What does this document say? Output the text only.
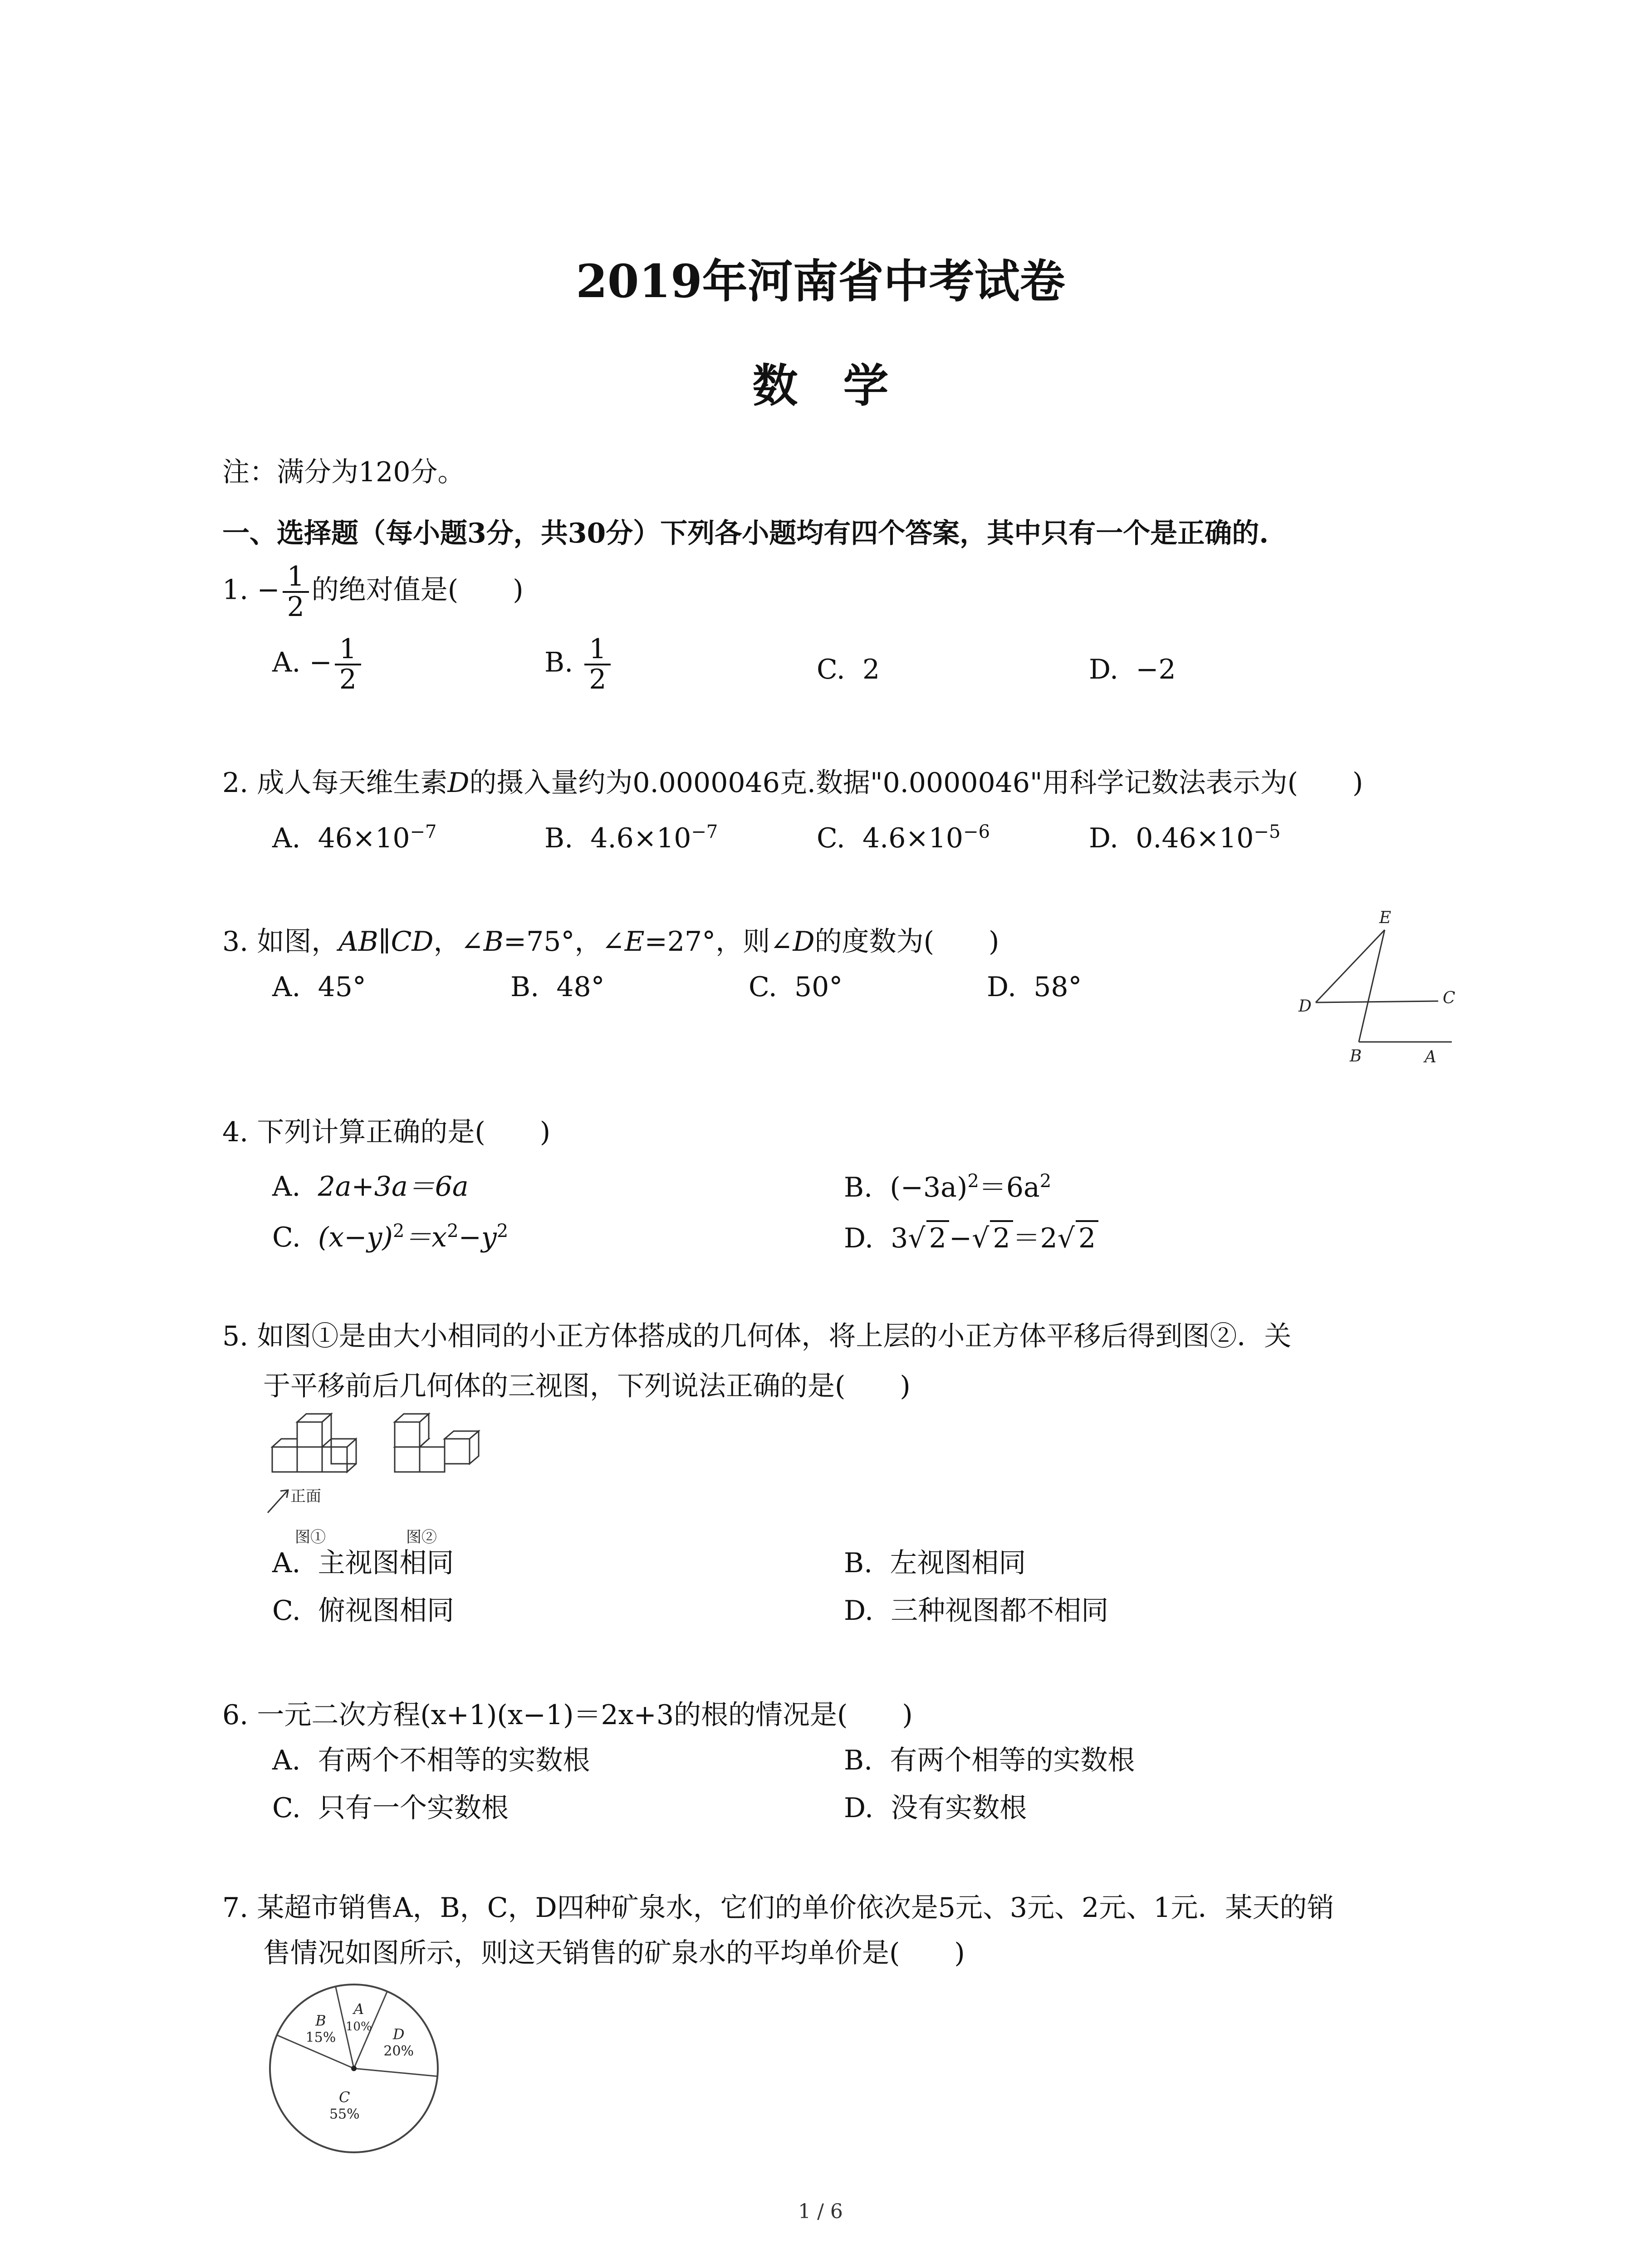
2019年河南省中考试卷
数　学
注：满分为120分。
一、选择题（每小题3分，共30分）下列各小题均有四个答案，其中只有一个是正确的.
1. − $\frac{1}{2}$ 的绝对值是(　　)
A. − $\frac{1}{2}$	B. $\frac{1}{2}$	C. 2	D. −2
2. 成人每天维生素D的摄入量约为0.0000046克.数据"0.0000046"用科学记数法表示为(　　)
A. $46\times 10^{-7}$	B. $4.6\times 10^{-7}$	C. $4.6\times 10^{-6}$	D. $0.46\times 10^{-5}$
3. 如图，AB∥CD，∠B=75°，∠E=27°，则∠D的度数为(　　)
A. 45°	B. 48°	C. 50°	D. 58°
E
C
D
B	A
4. 下列计算正确的是(　　)
A. 2a+3a＝6a	B. $(-3a)^2=6a^2$
C. $(x-y)^2=x^2-y^2$	D. 3√ 2 −√ 2 ＝2√ 2
5. 如图①是由大小相同的小正方体搭成的几何体，将上层的小正方体平移后得到图②．关
于平移前后几何体的三视图，下列说法正确的是(　　)
正面
图①	图②
A. 主视图相同	B. 左视图相同
C. 俯视图相同	D. 三种视图都不相同
6. 一元二次方程(x+1)(x−1)＝2x+3的根的情况是(　　)
A. 有两个不相等的实数根	B. 有两个相等的实数根
C. 只有一个实数根	D. 没有实数根
7. 某超市销售A，B，C，D四种矿泉水，它们的单价依次是5元、3元、2元、1元．某天的销
售情况如图所示，则这天销售的矿泉水的平均单价是(　　)
A
10% D
20%
C
55%
B
15%
1 / 6
